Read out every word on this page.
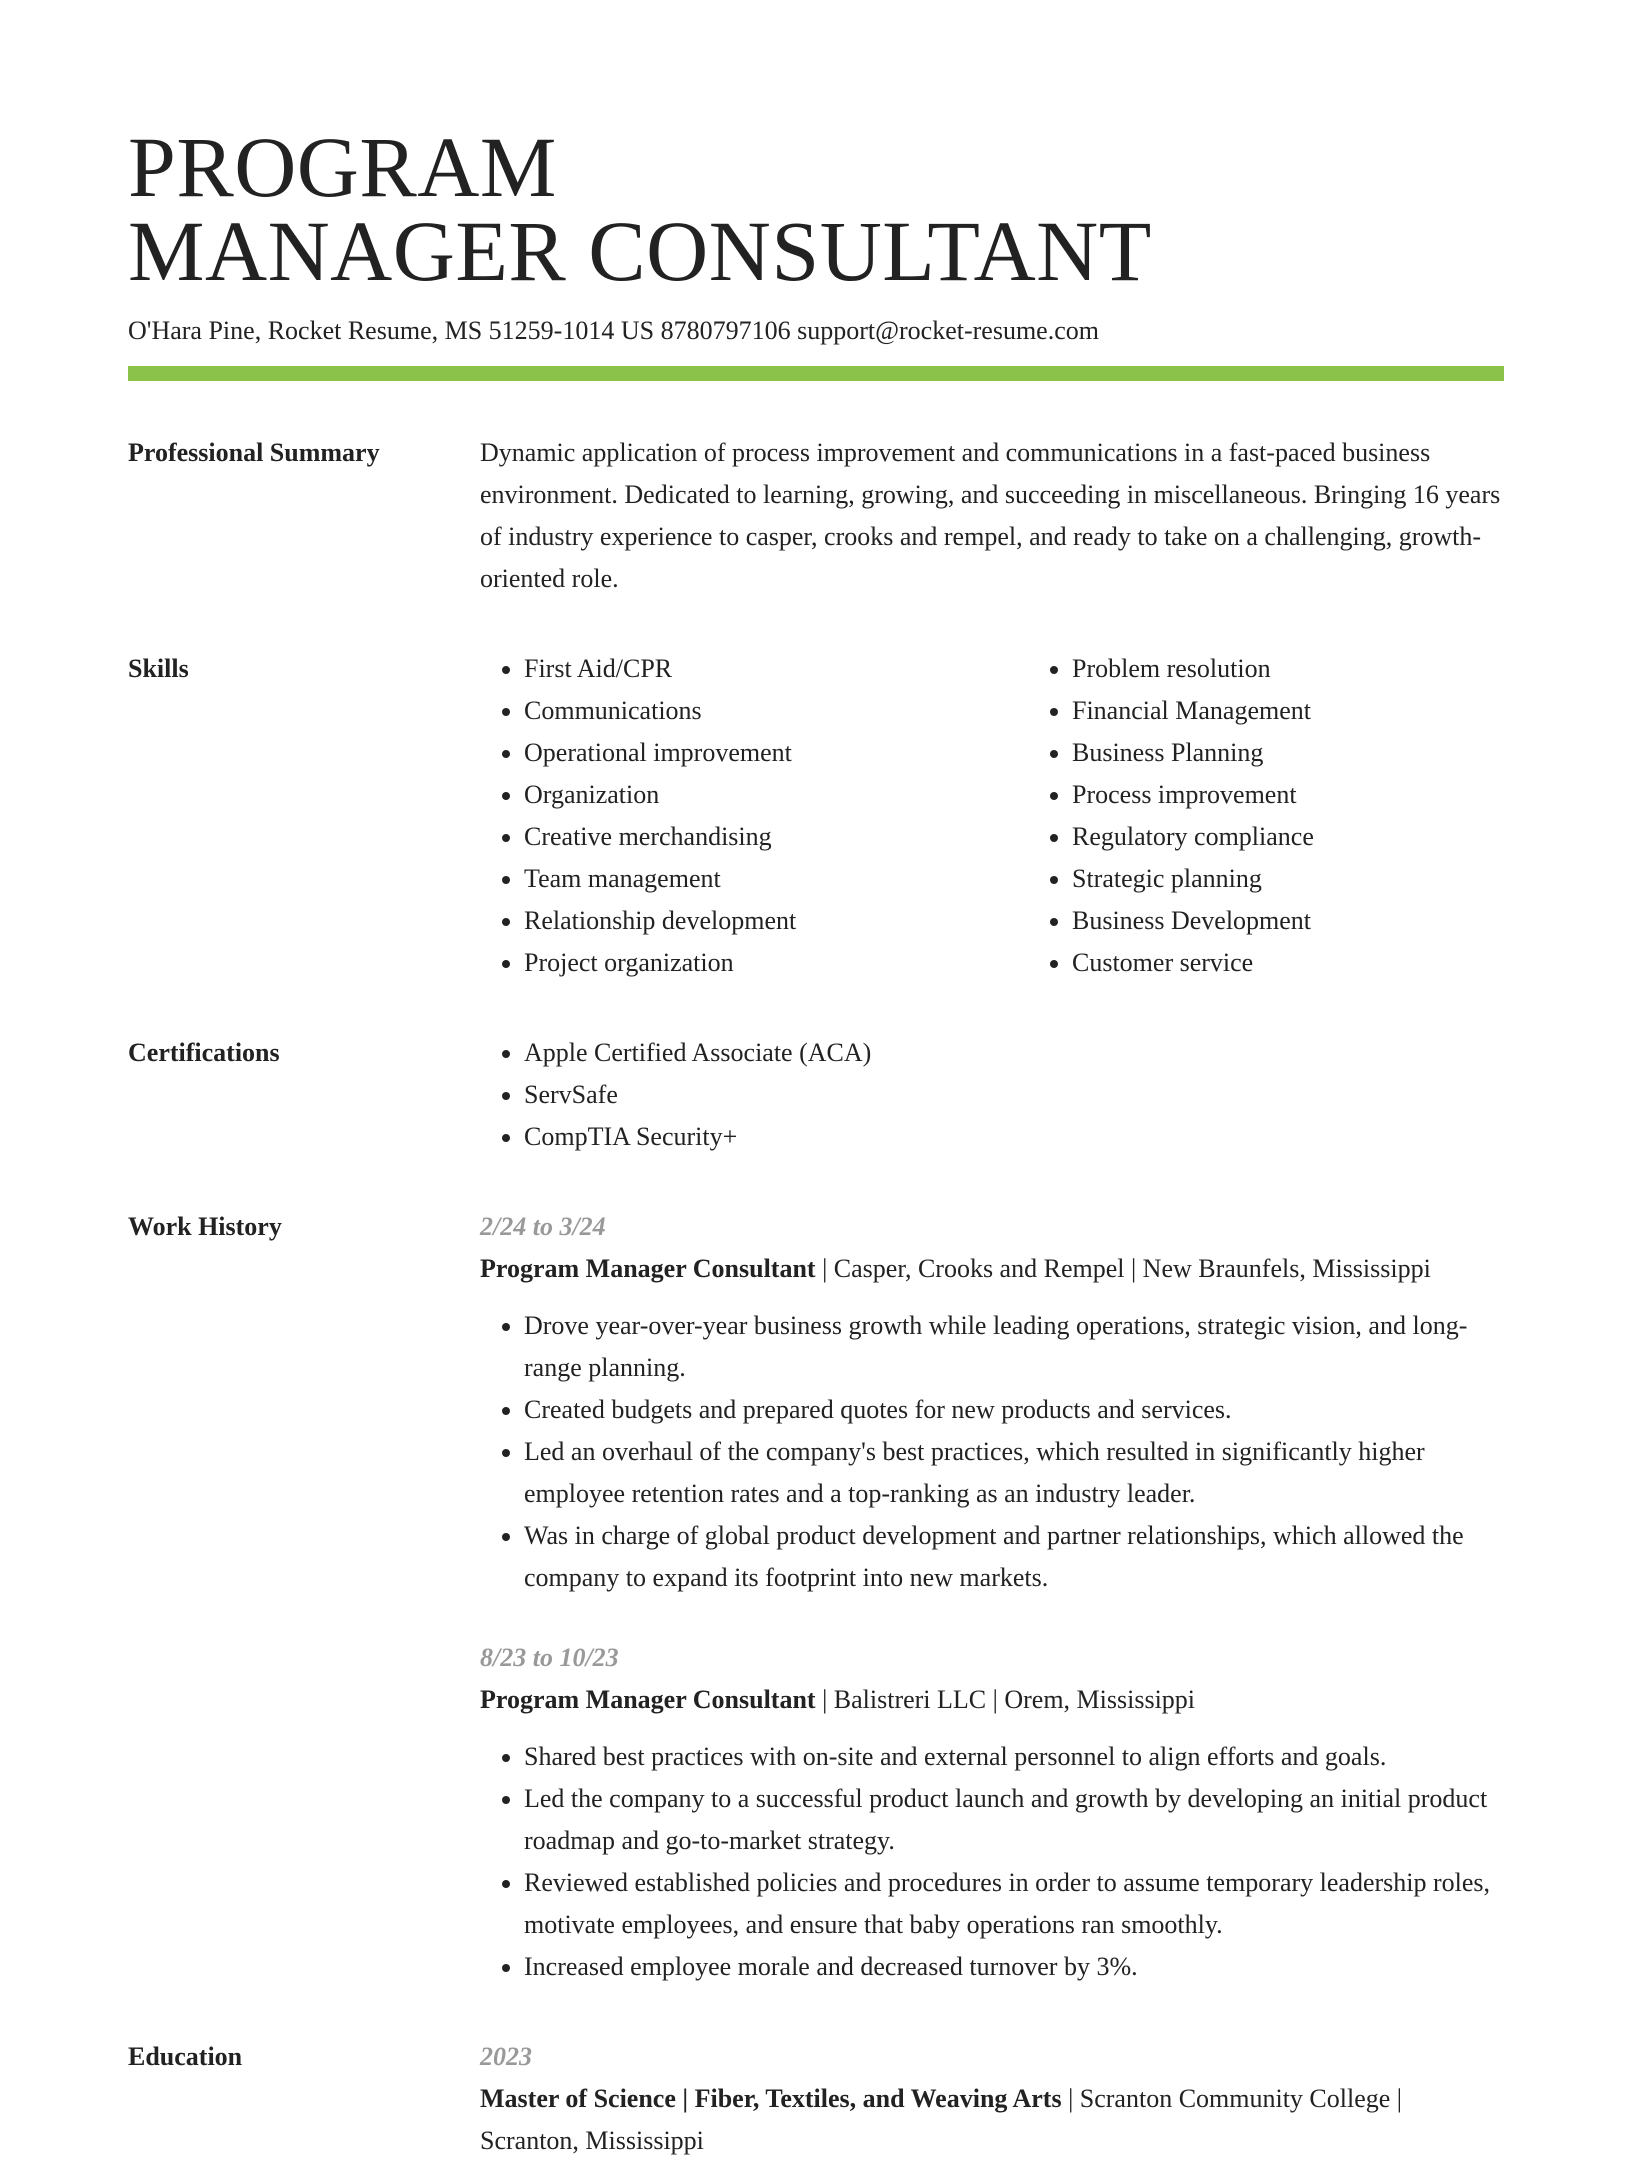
PROGRAM
MANAGER CONSULTANT
O'Hara Pine, Rocket Resume, MS 51259-1014 US 8780797106 support@rocket-resume.com
Professional Summary	Dynamic application of process improvement and communications in a fast-paced business environment. Dedicated to learning, growing, and succeeding in miscellaneous. Bringing 16 years of industry experience to casper, crooks and rempel, and ready to take on a challenging, growth-oriented role.

Skills	• First Aid/CPR
• Communications
• Operational improvement
• Organization
• Creative merchandising
• Team management
• Relationship development
• Project organization
• Problem resolution
• Financial Management
• Business Planning
• Process improvement
• Regulatory compliance
• Strategic planning
• Business Development
• Customer service
Certifications	• Apple Certified Associate (ACA)
• ServSafe
• CompTIA Security+
Work History	2/24 to 3/24

Program Manager Consultant | Casper, Crooks and Rempel | New Braunfels, Mississippi

• Drove year-over-year business growth while leading operations, strategic vision, and long-range planning.
• Created budgets and prepared quotes for new products and services.
• Led an overhaul of the company's best practices, which resulted in significantly higher employee retention rates and a top-ranking as an industry leader.
• Was in charge of global product development and partner relationships, which allowed the company to expand its footprint into new markets.
8/23 to 10/23

Program Manager Consultant | Balistreri LLC | Orem, Mississippi

• Shared best practices with on-site and external personnel to align efforts and goals.
• Led the company to a successful product launch and growth by developing an initial product roadmap and go-to-market strategy.
• Reviewed established policies and procedures in order to assume temporary leadership roles, motivate employees, and ensure that baby operations ran smoothly.
• Increased employee morale and decreased turnover by 3%.
Education	2023

Master of Science | Fiber, Textiles, and Weaving Arts | Scranton Community College | Scranton, Mississippi
